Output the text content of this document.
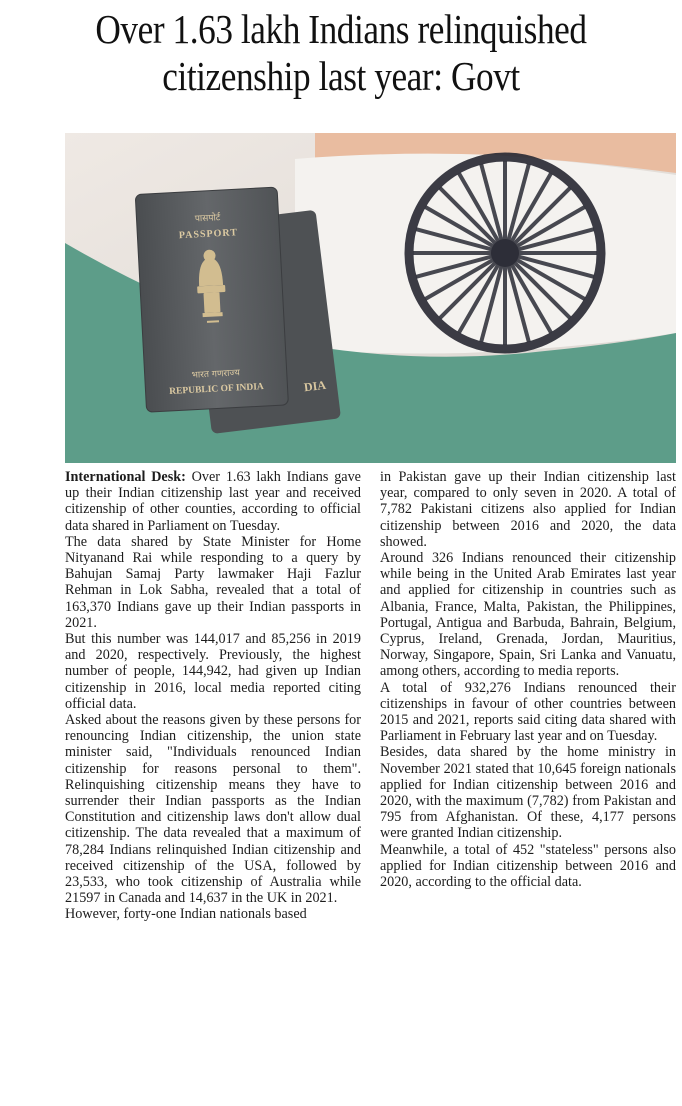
Over 1.63 lakh Indians relinquished
citizenship last year: Govt
DIA
पासपोर्ट
PASSPORT
भारत गणराज्य
REPUBLIC OF INDIA

International Desk: Over 1.63 lakh Indians gave up their Indian citizenship last year and received citizenship of other counties, according to official data shared in Parliament on Tuesday.

The data shared by State Minister for Home Nityanand Rai while responding to a query by Bahujan Samaj Party lawmaker Haji Fazlur Rehman in Lok Sabha, revealed that a total of 163,370 Indians gave up their Indian passports in 2021.

But this number was 144,017 and 85,256 in 2019 and 2020, respectively. Previously, the highest number of people, 144,942, had given up Indian citizenship in 2016, local media reported citing official data.

Asked about the reasons given by these persons for renouncing Indian citizenship, the union state minister said, "Individuals renounced Indian citizenship for reasons personal to them". Relinquishing citizenship means they have to surrender their Indian passports as the Indian Constitution and citizenship laws don't allow dual citizenship. The data revealed that a maximum of 78,284 Indians relinquished Indian citizenship and received citizenship of the USA, followed by 23,533, who took citizenship of Australia while 21597 in Canada and 14,637 in the UK in 2021.

However, forty-one Indian nationals based

in Pakistan gave up their Indian citizenship last year, compared to only seven in 2020. A total of 7,782 Pakistani citizens also applied for Indian citizenship between 2016 and 2020, the data showed.

Around 326 Indians renounced their citizenship while being in the United Arab Emirates last year and applied for citizenship in countries such as Albania, France, Malta, Pakistan, the Philippines, Portugal, Antigua and Barbuda, Bahrain, Belgium, Cyprus, Ireland, Grenada, Jordan, Mauritius, Norway, Singapore, Spain, Sri Lanka and Vanuatu, among others, according to media reports.

A total of 932,276 Indians renounced their citizenships in favour of other countries between 2015 and 2021, reports said citing data shared with Parliament in February last year and on Tuesday.

Besides, data shared by the home ministry in November 2021 stated that 10,645 foreign nationals applied for Indian citizenship between 2016 and 2020, with the maximum (7,782) from Pakistan and 795 from Afghanistan. Of these, 4,177 persons were granted Indian citizenship.

Meanwhile, a total of 452 "stateless" persons also applied for Indian citizenship between 2016 and 2020, according to the official data.
